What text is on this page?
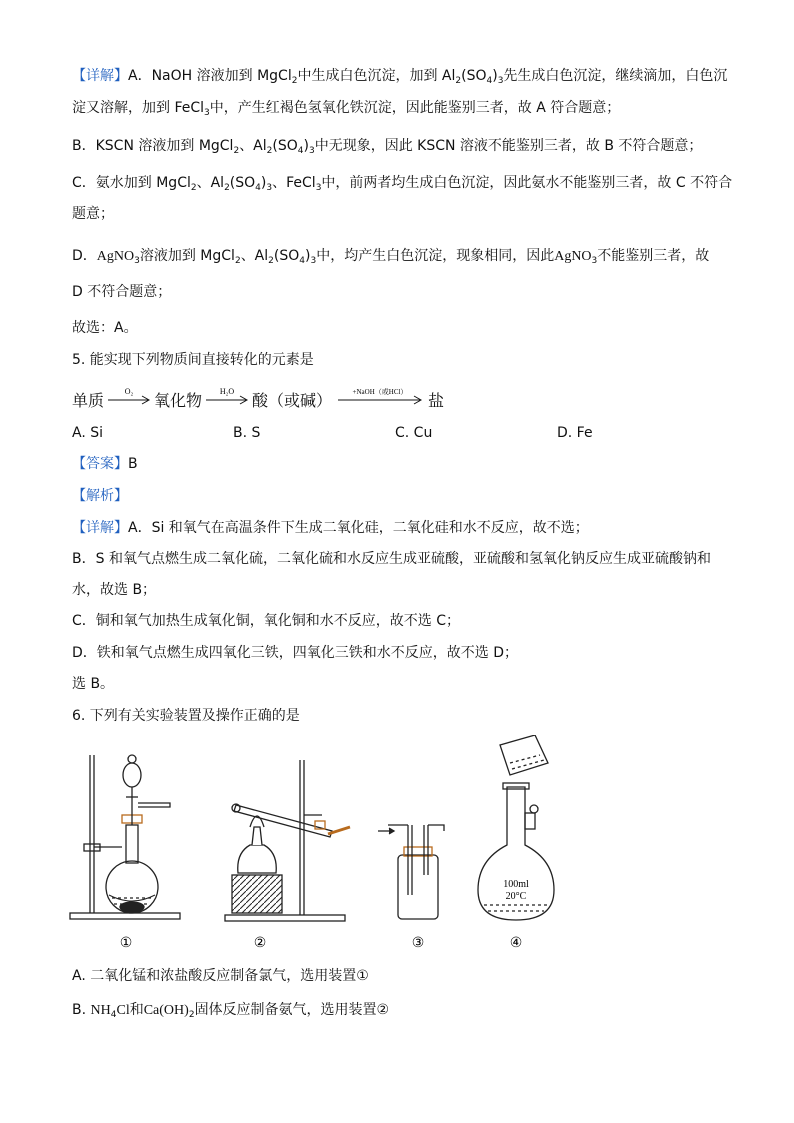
【详解】A．NaOH 溶液加到 MgCl$_2$中生成白色沉淀，加到 $Al_2(SO_4)_3$先生成白色沉淀，继续滴加，白色沉
淀又溶解，加到 FeCl$_3$中，产生红褐色氢氧化铁沉淀，因此能鉴别三者，故 A 符合题意；
B．KSCN 溶液加到 MgCl$_2$、$Al_2(SO_4)_3$中无现象，因此 KSCN 溶液不能鉴别三者，故 B 不符合题意；
C．氨水加到 MgCl$_2$、$Al_2(SO_4)_3$、FeCl$_3$中，前两者均生成白色沉淀，因此氨水不能鉴别三者，故 C 不符合
题意；
D．AgNO$_3$溶液加到 MgCl$_2$、$Al_2(SO_4)_3$中，均产生白色沉淀，现象相同，因此AgNO$_3$不能鉴别三者，故
D 不符合题意；
故选：A。
5. 能实现下列物质间直接转化的元素是
单质	O₂ 氧化物 H₂O 酸（或碱）	+NaOH（或HCl） 盐
A. Si	B. S	C. Cu	D. Fe
【答案】B
【解析】
【详解】A．Si 和氧气在高温条件下生成二氧化硅，二氧化硅和水不反应，故不选；
B．S 和氧气点燃生成二氧化硫，二氧化硫和水反应生成亚硫酸，亚硫酸和氢氧化钠反应生成亚硫酸钠和
水，故选 B；
C．铜和氧气加热生成氧化铜，氧化铜和水不反应，故不选 C；
D．铁和氧气点燃生成四氧化三铁，四氧化三铁和水不反应，故不选 D；
选 B。
6. 下列有关实验装置及操作正确的是
100ml
20°C
①	②	③	④
A. 二氧化锰和浓盐酸反应制备氯气，选用装置①
B. $NH_4Cl$和$Ca(OH)_2$固体反应制备氨气，选用装置②
